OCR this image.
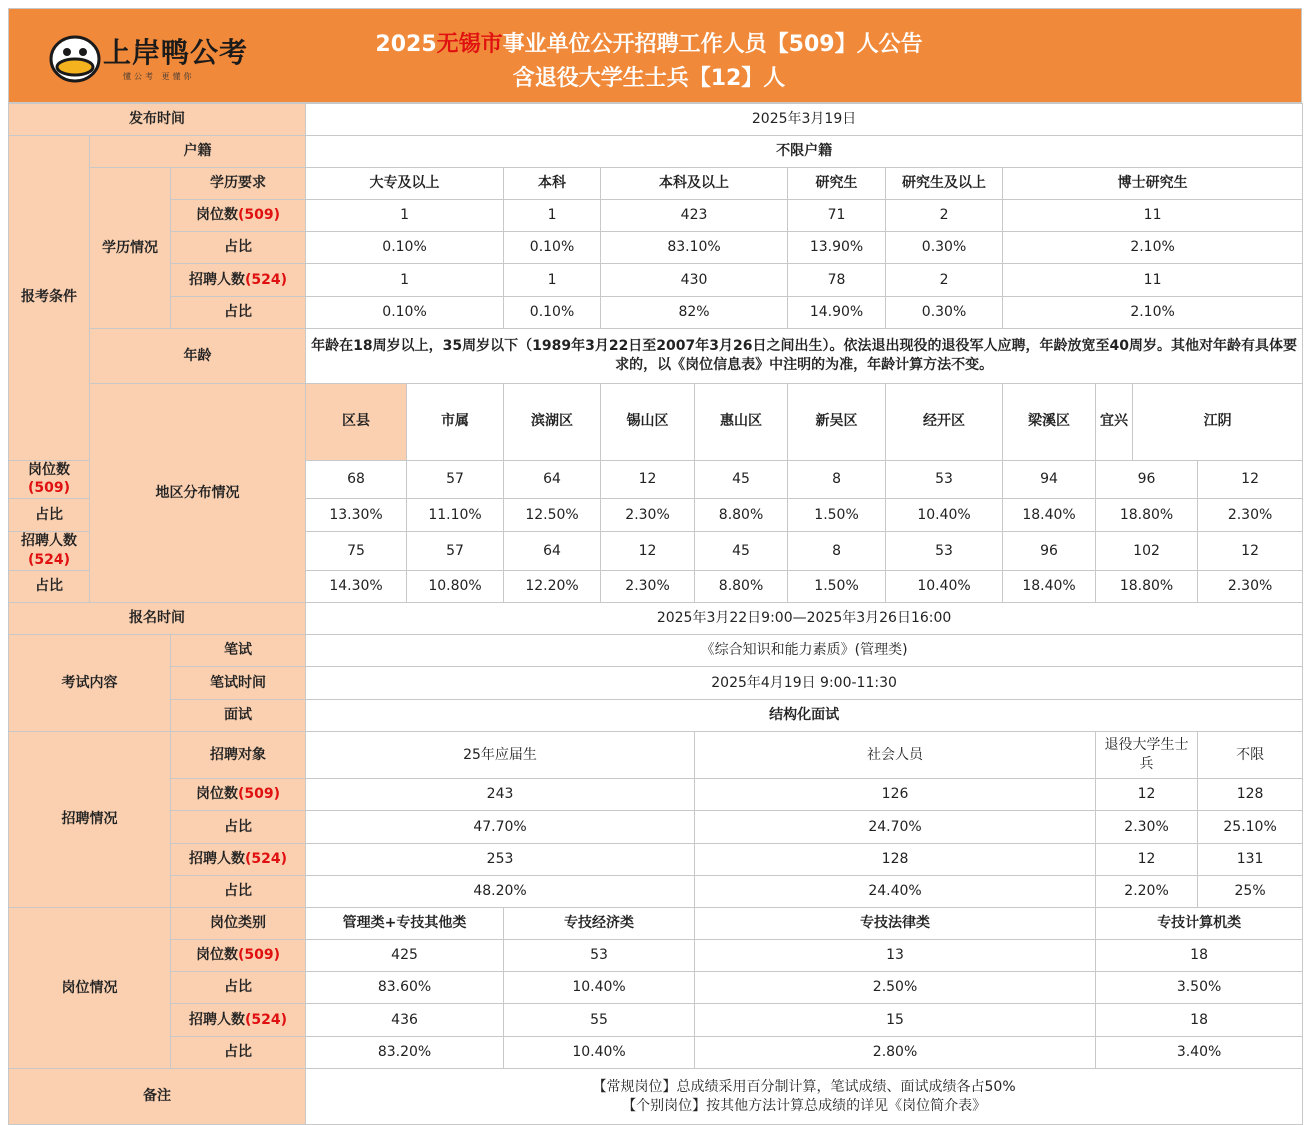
上岸鸭公考
懂公考 更懂你
2025无锡市事业单位公开招聘工作人员【509】人公告
含退役大学生士兵【12】人
发布时间			2025年3月19日											
报考条件	户籍		不限户籍											
	学历情况	学历要求	大专及以上		本科	本科及以上		研究生	研究生及以上	博士研究生				
		岗位数(509)	1		1	423		71	2	11				
		占比	0.10%		0.10%	83.10%		13.90%	0.30%	2.10%				
		招聘人数(524)	1		1	430		78	2	11				
		占比	0.10%		0.10%	82%		14.90%	0.30%	2.10%				
	年龄		年龄在18周岁以上，35周岁以下（1989年3月22日至2007年3月26日之间出生）。依法退出现役的退役军人应聘，年龄放宽至40周岁。其他对年龄有具体要求的，以《岗位信息表》中注明的为准，年龄计算方法不变。											
	地区分布情况		区县	市属	滨湖区	锡山区	惠山区	新吴区	经开区	梁溪区	宜兴	江阴	
岗位数(509)			68	57	64	12	45	8	53	94	96		12	
占比			13.30%	11.10%	12.50%	2.30%	8.80%	1.50%	10.40%	18.40%	18.80%		2.30%	
招聘人数(524)			75	57	64	12	45	8	53	96	102		12	
占比			14.30%	10.80%	12.20%	2.30%	8.80%	1.50%	10.40%	18.40%	18.80%		2.30%	
报名时间			2025年3月22日9:00—2025年3月26日16:00											
考试内容		笔试	《综合知识和能力素质》(管理类)											
		笔试时间	2025年4月19日 9:00-11:30											
		面试	结构化面试											
招聘情况		招聘对象	25年应届生				社会人员				退役大学生士兵		不限	
		岗位数(509)	243				126				12		128	
		占比	47.70%				24.70%				2.30%		25.10%	
		招聘人数(524)	253				128				12		131	
		占比	48.20%				24.40%				2.20%		25%	
岗位情况		岗位类别	管理类+专技其他类		专技经济类		专技法律类				专技计算机类			
		岗位数(509)	425		53		13				18			
		占比	83.60%		10.40%		2.50%				3.50%			
		招聘人数(524)	436		55		15				18			
		占比	83.20%		10.40%		2.80%				3.40%			
备注			【常规岗位】总成绩采用百分制计算，笔试成绩、面试成绩各占50%
【个别岗位】按其他方法计算总成绩的详见《岗位简介表》											
